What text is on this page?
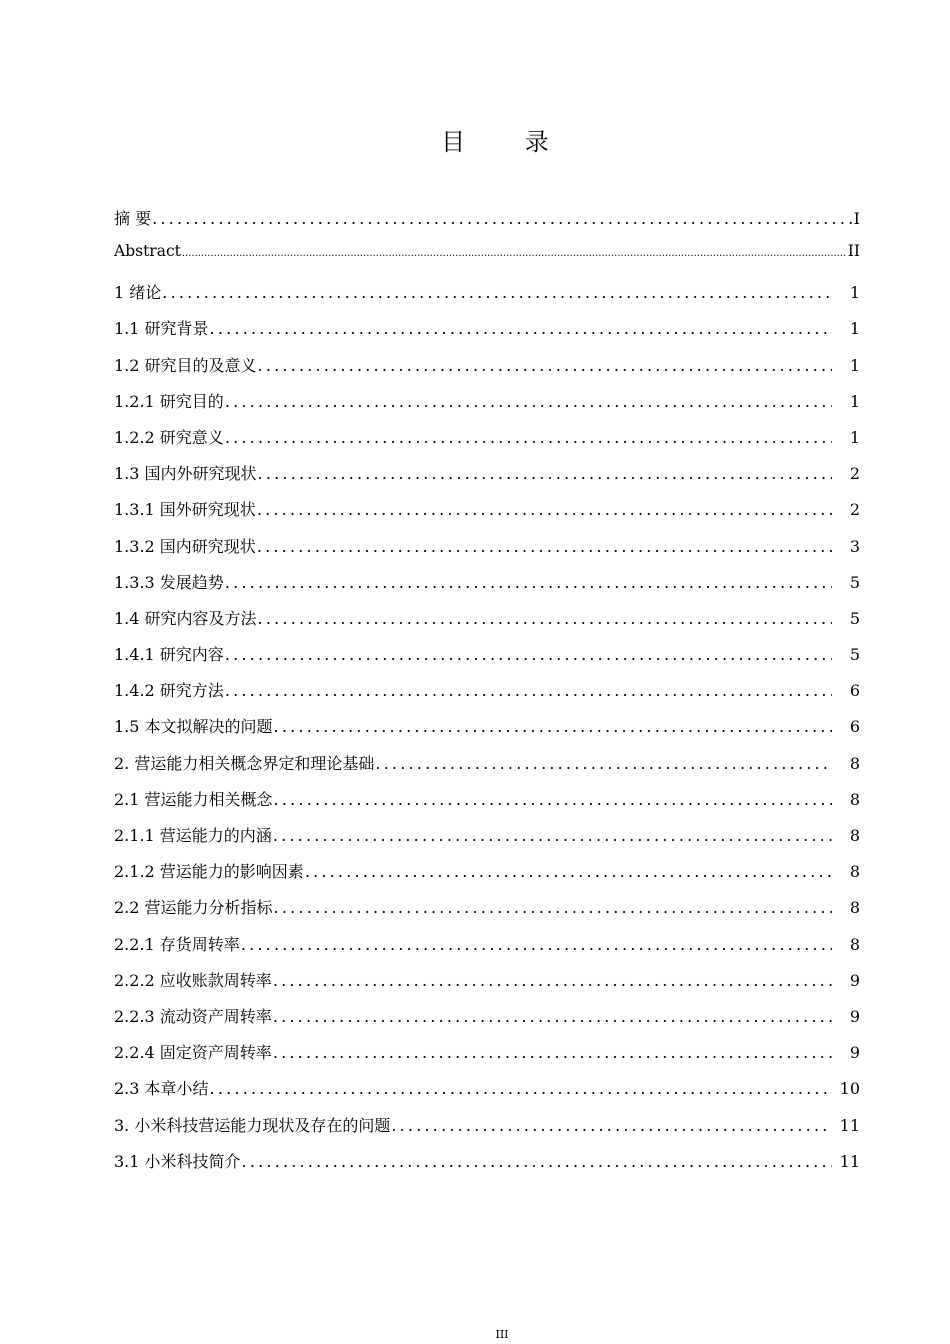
目 录
摘 要 .....	I
Abstract .....	II
1 绪论 .....	1
1.1 研究背景 .....	1
1.2 研究目的及意义 .....	1
1.2.1 研究目的 .....	1
1.2.2 研究意义 .....	1
1.3 国内外研究现状 .....	2
1.3.1 国外研究现状 .....	2
1.3.2 国内研究现状 .....	3
1.3.3 发展趋势 .....	5
1.4 研究内容及方法 .....	5
1.4.1 研究内容 .....	5
1.4.2 研究方法 .....	6
1.5 本文拟解决的问题 .....	6
2. 营运能力相关概念界定和理论基础 .....	8
2.1 营运能力相关概念 .....	8
2.1.1 营运能力的内涵 .....	8
2.1.2 营运能力的影响因素 .....	8
2.2 营运能力分析指标 .....	8
2.2.1 存货周转率 .....	8
2.2.2 应收账款周转率 .....	9
2.2.3 流动资产周转率 .....	9
2.2.4 固定资产周转率 .....	9
2.3 本章小结 .....	10
3. 小米科技营运能力现状及存在的问题 .....	11
3.1 小米科技简介 .....	11
III
